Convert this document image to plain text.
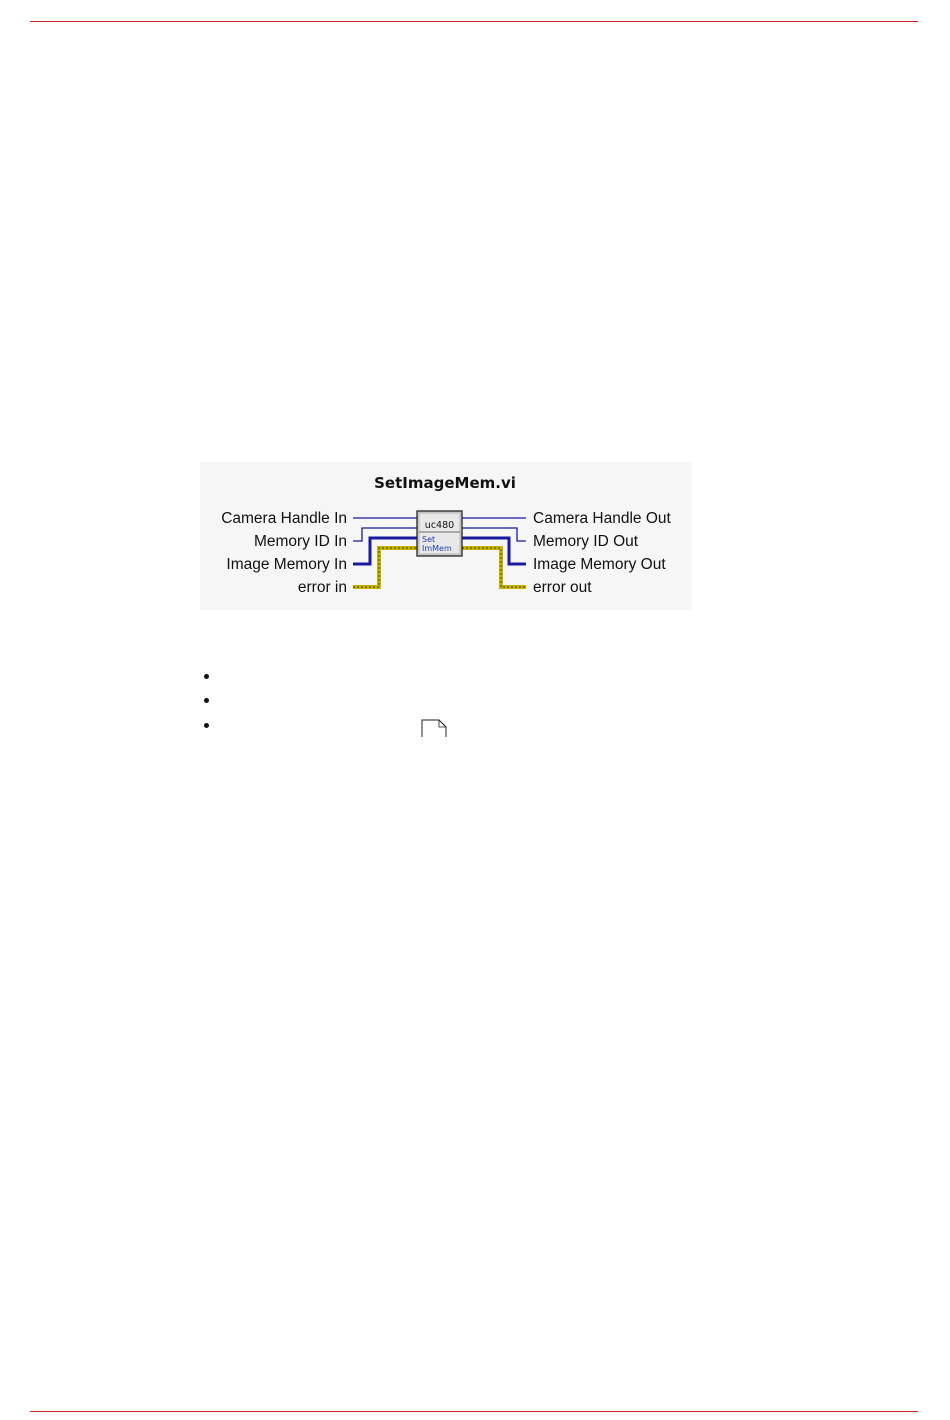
SetImageMem.vi
Camera Handle In
Memory ID In
Image Memory In
error in
Camera Handle Out
Memory ID Out
Image Memory Out
error out
uc480
Set
ImMem
